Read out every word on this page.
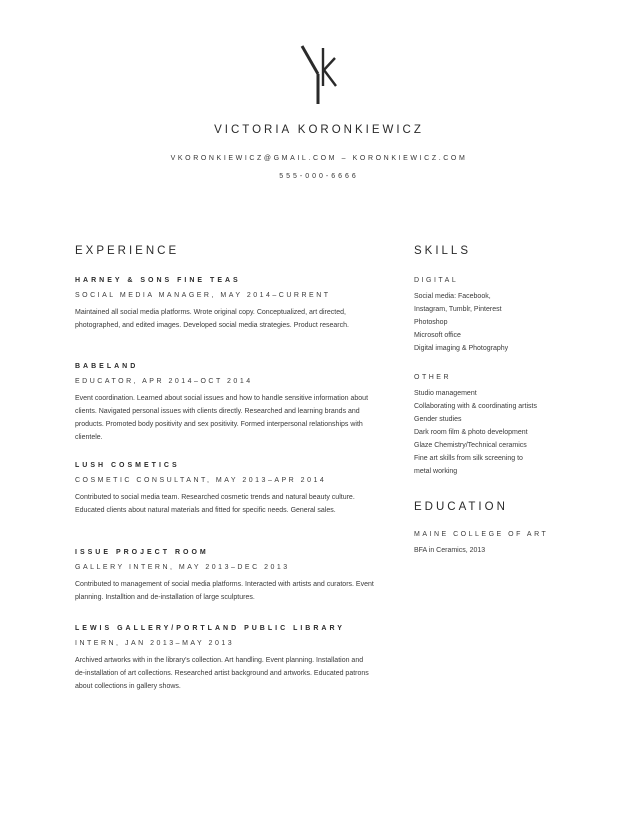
VICTORIA KORONKIEWICZ
VKORONKIEWICZ@GMAIL.COM – KORONKIEWICZ.COM
555-000-6666
EXPERIENCE
HARNEY & SONS FINE TEAS
SOCIAL MEDIA MANAGER, MAY 2014–CURRENT
Maintained all social media platforms. Wrote original copy. Conceptualized, art directed, photographed, and edited images. Developed social media strategies. Product research.
BABELAND
EDUCATOR, APR 2014–OCT 2014
Event coordination. Learned about social issues and how to handle sensitive information about clients. Navigated personal issues with clients directly. Researched and learning brands and products. Promoted body positivity and sex positivity. Formed interpersonal relationships with clientele.
LUSH COSMETICS
COSMETIC CONSULTANT, MAY 2013–APR 2014
Contributed to social media team. Researched cosmetic trends and natural beauty culture. Educated clients about natural materials and fitted for specific needs. General sales.
ISSUE PROJECT ROOM
GALLERY INTERN, MAY 2013–DEC 2013
Contributed to management of social media platforms. Interacted with artists and curators. Event planning. Installtion and de-installation of large sculptures.
LEWIS GALLERY/PORTLAND PUBLIC LIBRARY
INTERN, JAN 2013–MAY 2013
Archived artworks with in the library's collection. Art handling. Event planning. Installation and de-installation of art collections. Researched artist background and artworks. Educated patrons about collections in gallery shows.
SKILLS
DIGITAL
Social media: Facebook,
Instagram, Tumblr, Pinterest
Photoshop
Microsoft office
Digital imaging & Photography
OTHER
Studio management
Collaborating with & coordinating artists
Gender studies
Dark room film & photo development
Glaze Chemistry/Technical ceramics
Fine art skills from silk screening to
metal working
EDUCATION
MAINE COLLEGE OF ART
BFA in Ceramics, 2013
